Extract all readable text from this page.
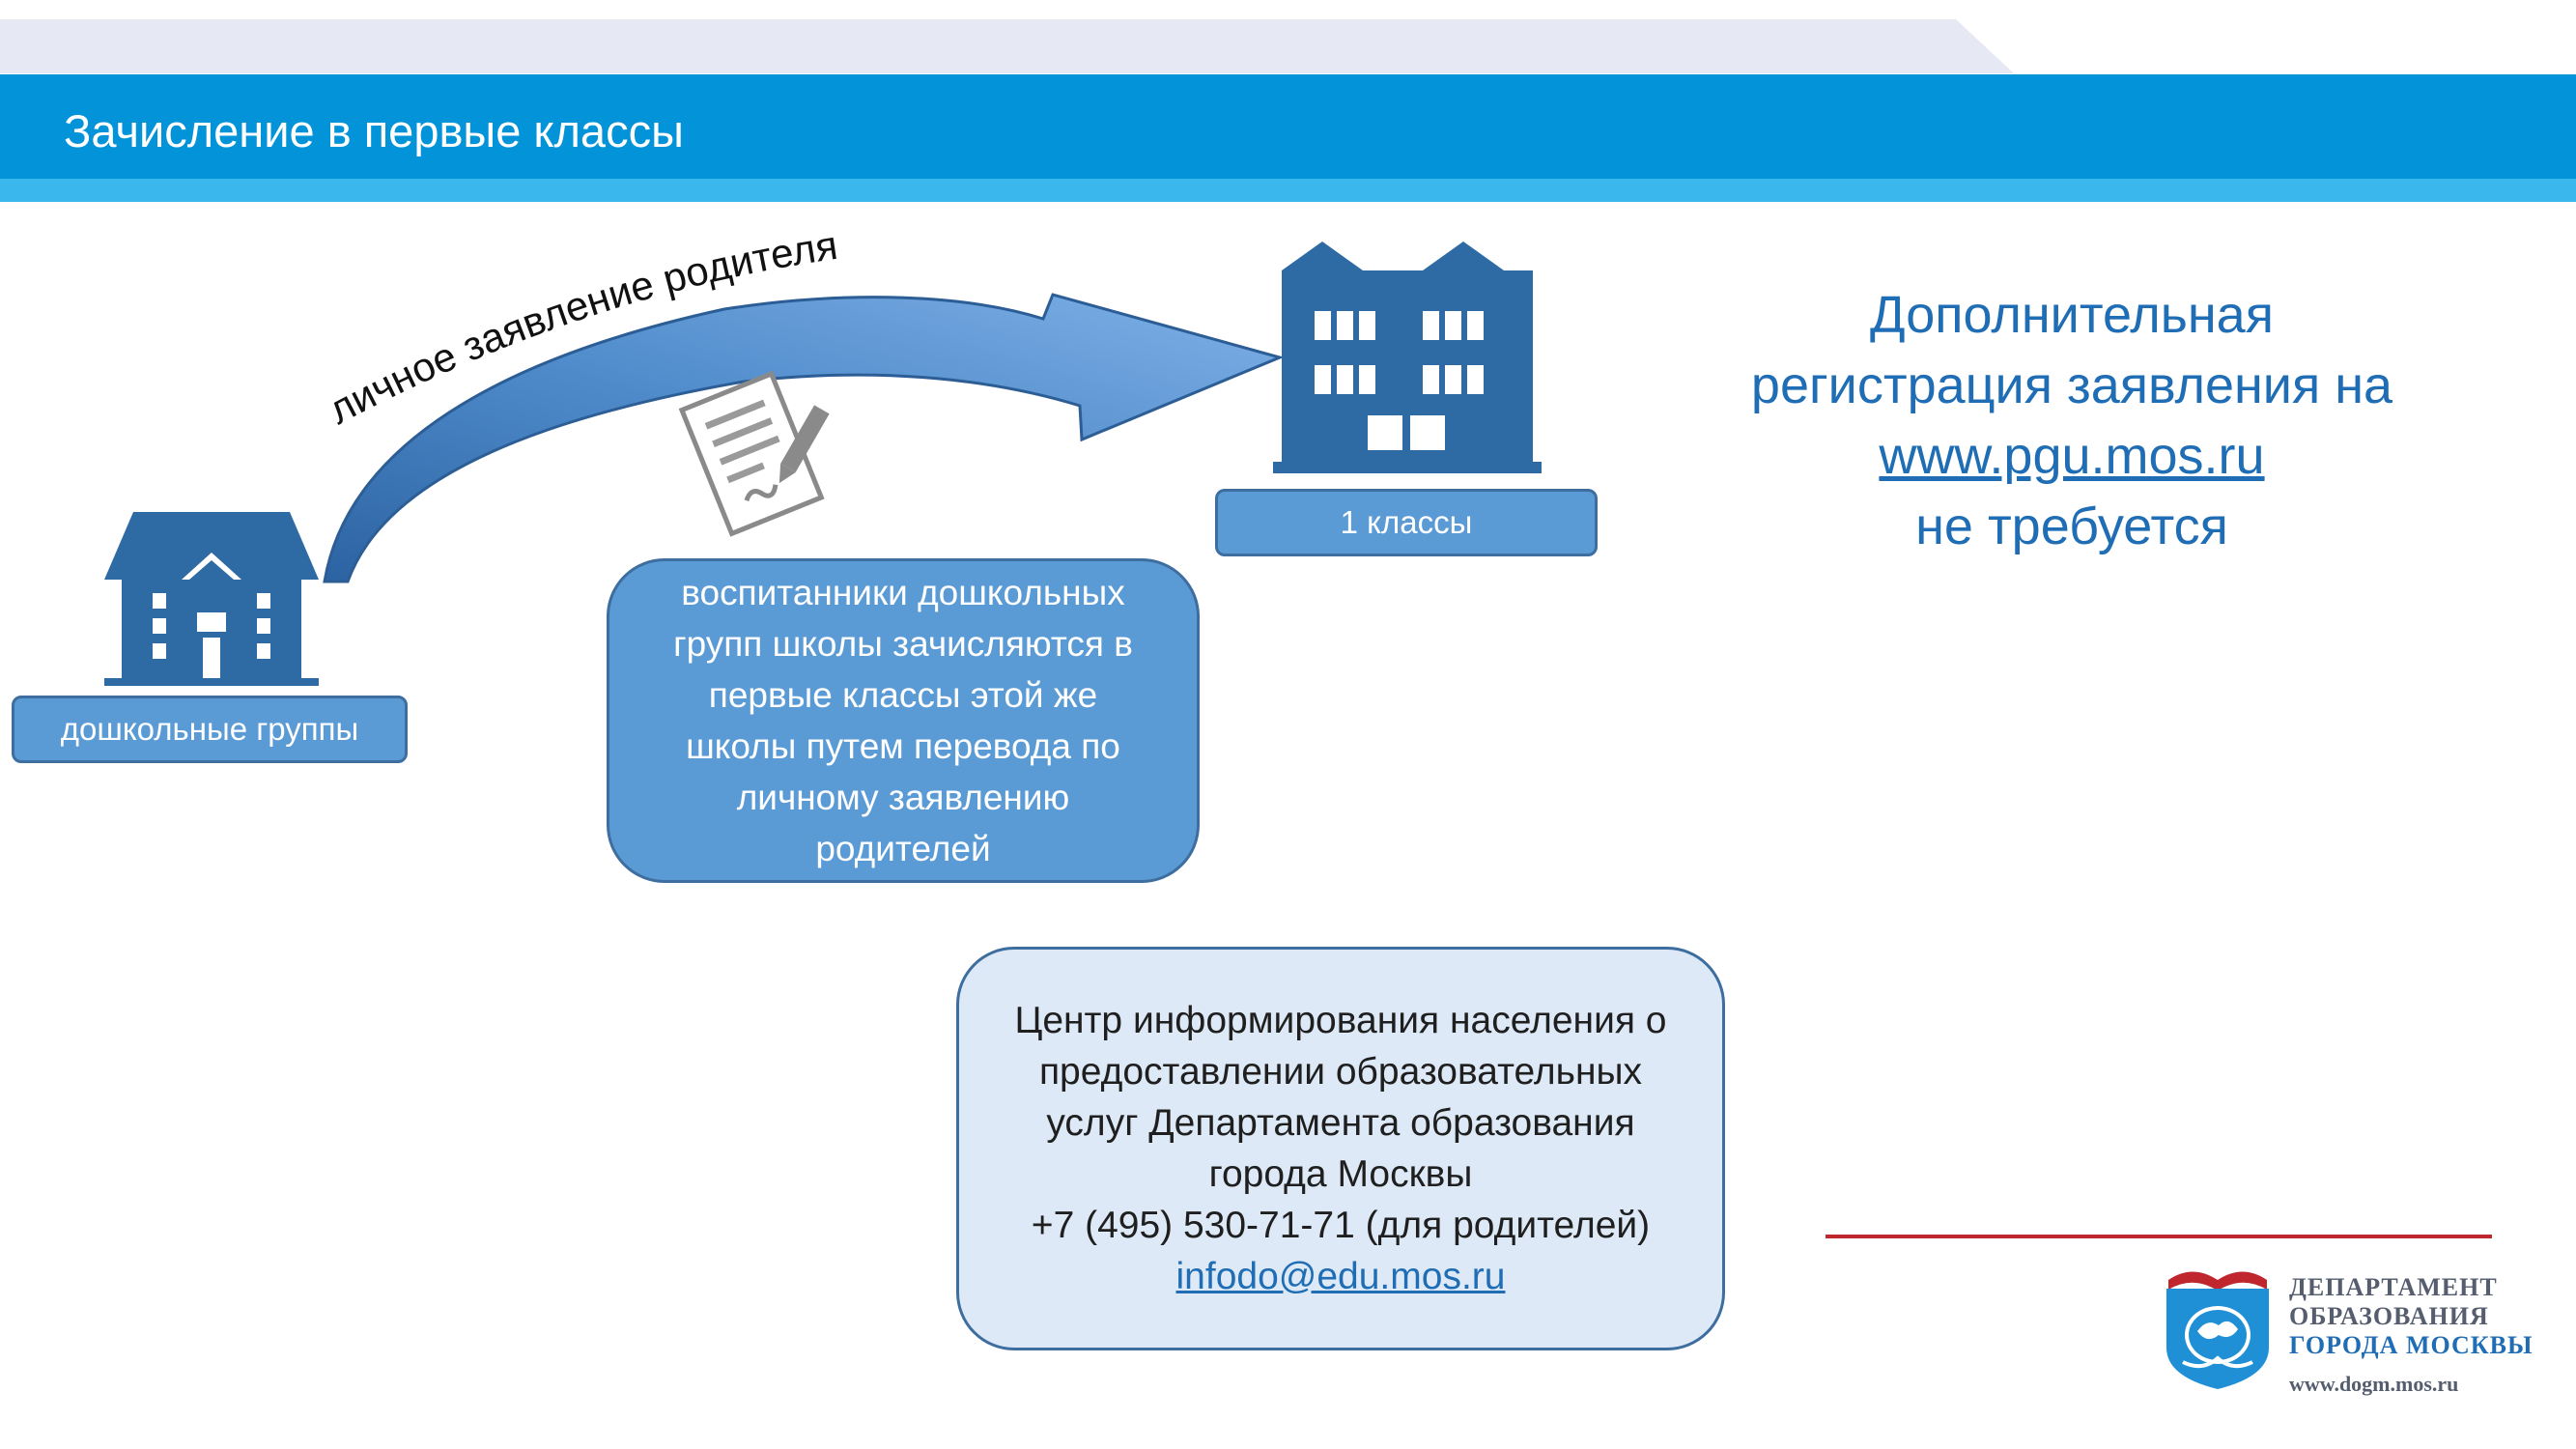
Зачисление в первые классы
личное заявление родителя
дошкольные группы
1 классы
воспитанники дошкольных
групп школы зачисляются в
первые классы этой же
школы путем перевода по
личному заявлению
родителей
Дополнительная
регистрация заявления на
www.pgu.mos.ru
не требуется
Центр информирования населения о
предоставлении образовательных
услуг Департамента образования
города Москвы
+7 (495) 530-71-71 (для родителей)
infodo@edu.mos.ru	ДЕПАРТАМЕНТ
ОБРАЗОВАНИЯ
ГОРОДА МОСКВЫ
www.dogm.mos.ru
